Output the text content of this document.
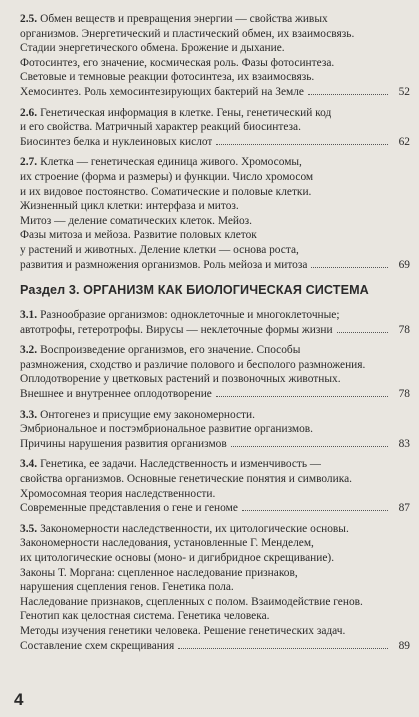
2.5. Обмен веществ и превращения энергии — свойства живых
организмов. Энергетический и пластический обмен, их взаимосвязь.
Стадии энергетического обмена. Брожение и дыхание.
Фотосинтез, его значение, космическая роль. Фазы фотосинтеза.
Световые и темновые реакции фотосинтеза, их взаимосвязь.
Хемосинтез. Роль хемосинтезирующих бактерий на Земле	52
2.6. Генетическая информация в клетке. Гены, генетический код
и его свойства. Матричный характер реакций биосинтеза.
Биосинтез белка и нуклеиновых кислот	62
2.7. Клетка — генетическая единица живого. Хромосомы,
их строение (форма и размеры) и функции. Число хромосом
и их видовое постоянство. Соматические и половые клетки.
Жизненный цикл клетки: интерфаза и митоз.
Митоз — деление соматических клеток. Мейоз.
Фазы митоза и мейоза. Развитие половых клеток
у растений и животных. Деление клетки — основа роста,
развития и размножения организмов. Роль мейоза и митоза	69
Раздел 3. ОРГАНИЗМ КАК БИОЛОГИЧЕСКАЯ СИСТЕМА
3.1. Разнообразие организмов: одноклеточные и многоклеточные;
автотрофы, гетеротрофы. Вирусы — неклеточные формы жизни	78
3.2. Воспроизведение организмов, его значение. Способы
размножения, сходство и различие полового и бесполого размножения.
Оплодотворение у цветковых растений и позвоночных животных.
Внешнее и внутреннее оплодотворение	78
3.3. Онтогенез и присущие ему закономерности.
Эмбриональное и постэмбриональное развитие организмов.
Причины нарушения развития организмов	83
3.4. Генетика, ее задачи. Наследственность и изменчивость —
свойства организмов. Основные генетические понятия и символика.
Хромосомная теория наследственности.
Современные представления о гене и геноме	87
3.5. Закономерности наследственности, их цитологические основы.
Закономерности наследования, установленные Г. Менделем,
их цитологические основы (моно- и дигибридное скрещивание).
Законы Т. Моргана: сцепленное наследование признаков,
нарушения сцепления генов. Генетика пола.
Наследование признаков, сцепленных с полом. Взаимодействие генов.
Генотип как целостная система. Генетика человека.
Методы изучения генетики человека. Решение генетических задач.
Составление схем скрещивания	89
4
